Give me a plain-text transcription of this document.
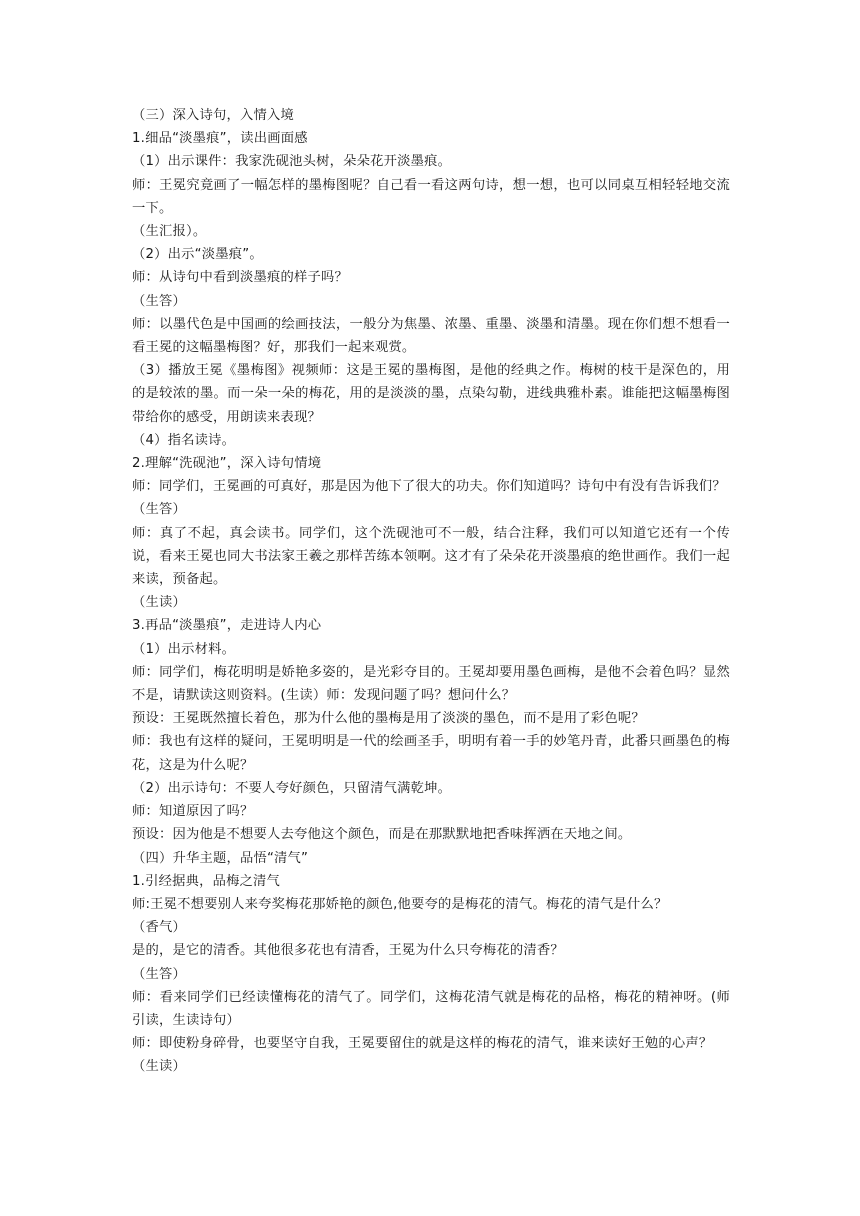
（三）深入诗句，入情入境

1.细品“淡墨痕”，读出画面感

（1）出示课件：我家洗砚池头树，朵朵花开淡墨痕。

师：王冕究竟画了一幅怎样的墨梅图呢？自己看一看这两句诗，想一想，也可以同桌互相轻轻地交流一下。

（生汇报）。

（2）出示“淡墨痕”。

师：从诗句中看到淡墨痕的样子吗？

（生答）

师：以墨代色是中国画的绘画技法，一般分为焦墨、浓墨、重墨、淡墨和清墨。现在你们想不想看一看王冕的这幅墨梅图？好，那我们一起来观赏。

（3）播放王冕《墨梅图》视频师：这是王冕的墨梅图，是他的经典之作。梅树的枝干是深色的，用的是较浓的墨。而一朵一朵的梅花，用的是淡淡的墨，点染勾勒，进线典雅朴素。谁能把这幅墨梅图带给你的感受，用朗读来表现？

（4）指名读诗。

2.理解“洗砚池”，深入诗句情境

师：同学们，王冕画的可真好，那是因为他下了很大的功夫。你们知道吗？诗句中有没有告诉我们？

（生答）

师：真了不起，真会读书。同学们，这个洗砚池可不一般，结合注释，我们可以知道它还有一个传说，看来王冕也同大书法家王羲之那样苦练本领啊。这才有了朵朵花开淡墨痕的绝世画作。我们一起来读，预备起。

（生读）

3.再品“淡墨痕”，走进诗人内心

（1）出示材料。

师：同学们，梅花明明是娇艳多姿的，是光彩夺目的。王冕却要用墨色画梅，是他不会着色吗？显然不是，请默读这则资料。(生读）师：发现问题了吗？想问什么？

预设：王冕既然擅长着色，那为什么他的墨梅是用了淡淡的墨色，而不是用了彩色呢？

师：我也有这样的疑问，王冕明明是一代的绘画圣手，明明有着一手的妙笔丹青，此番只画墨色的梅花，这是为什么呢？

（2）出示诗句：不要人夸好颜色，只留清气满乾坤。

师：知道原因了吗？

预设：因为他是不想要人去夸他这个颜色，而是在那默默地把香味挥洒在天地之间。

（四）升华主题，品悟“清气”

1.引经据典，品梅之清气

师:王冕不想要别人来夸奖梅花那娇艳的颜色,他要夸的是梅花的清气。梅花的清气是什么？

（香气）

是的，是它的清香。其他很多花也有清香，王冕为什么只夸梅花的清香？

（生答）

师：看来同学们已经读懂梅花的清气了。同学们，这梅花清气就是梅花的品格，梅花的精神呀。(师引读，生读诗句）

师：即使粉身碎骨，也要坚守自我，王冕要留住的就是这样的梅花的清气，谁来读好王勉的心声？

（生读）
